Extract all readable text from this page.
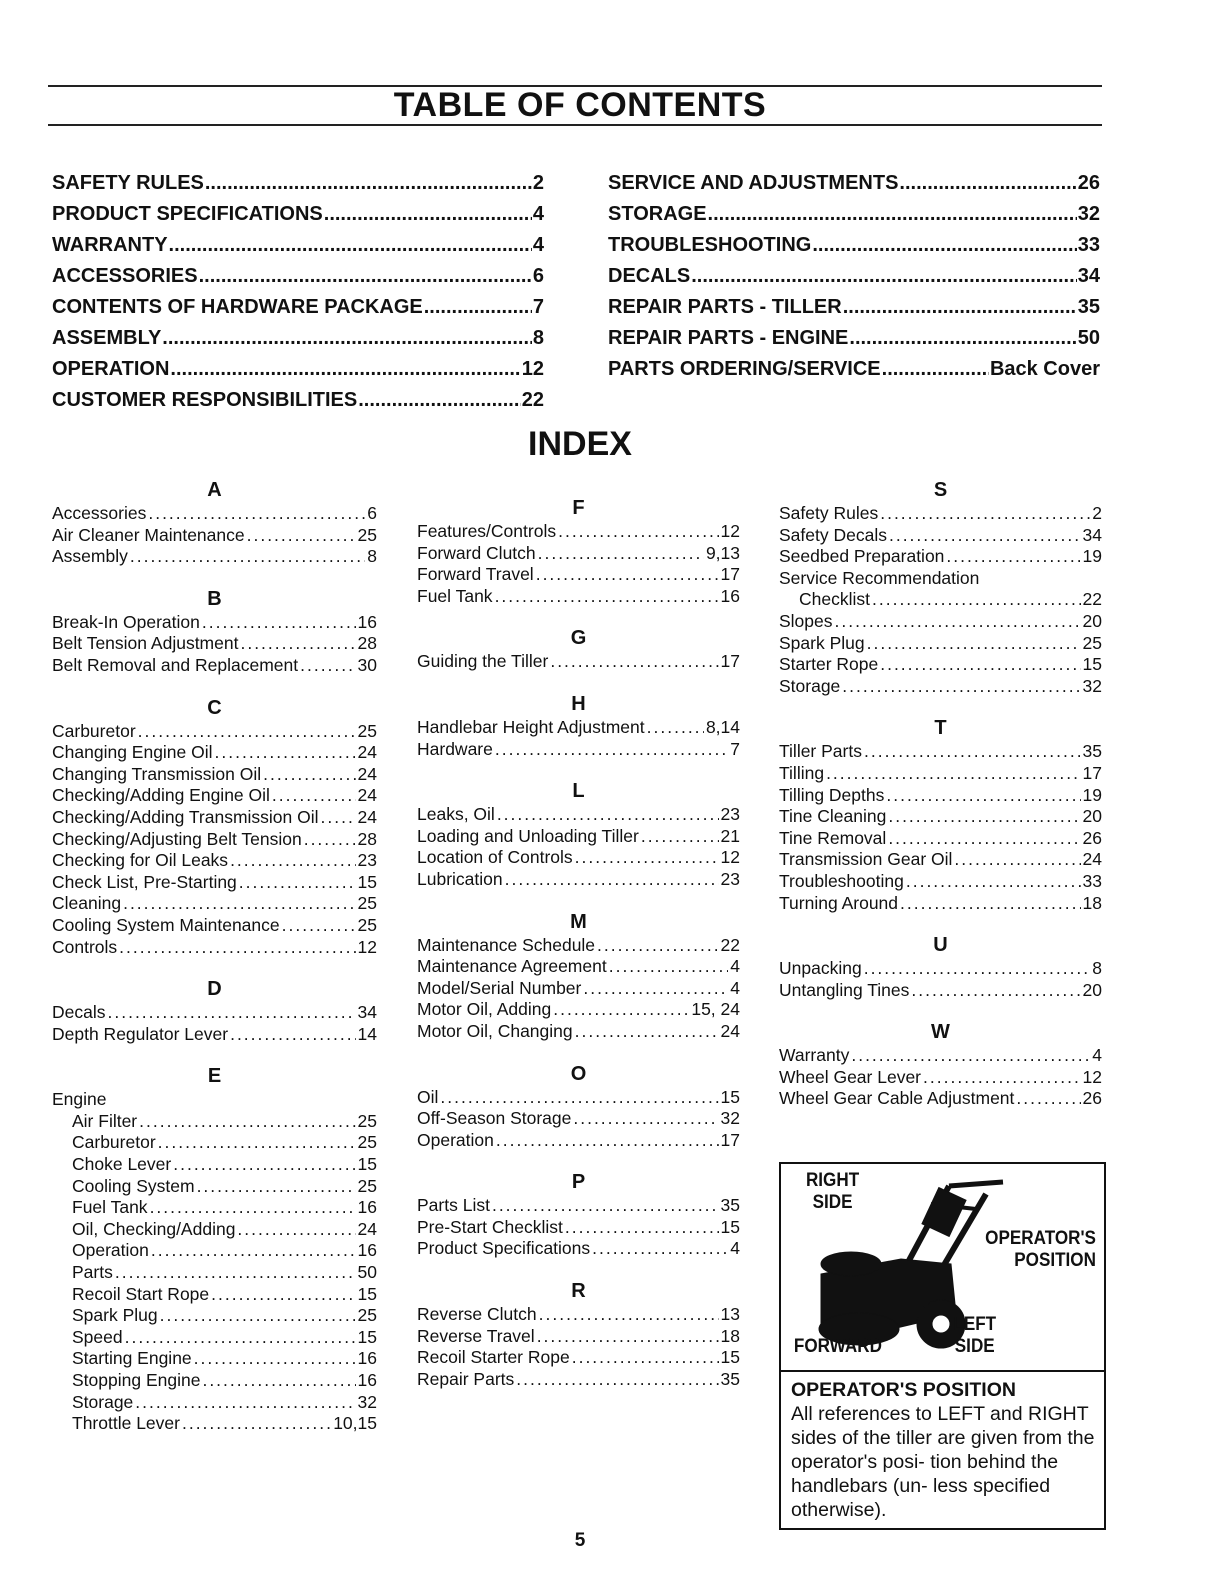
TABLE OF CONTENTS
SAFETY RULES .....	2
PRODUCT SPECIFICATIONS .....	4
WARRANTY .....	4
ACCESSORIES .....	6
CONTENTS OF HARDWARE PACKAGE .....	7
ASSEMBLY .....	8
OPERATION .....	12
CUSTOMER RESPONSIBILITIES .....	22
SERVICE AND ADJUSTMENTS .....	26
STORAGE .....	32
TROUBLESHOOTING .....	33
DECALS .....	34
REPAIR PARTS - TILLER .....	35
REPAIR PARTS - ENGINE .....	50
PARTS ORDERING/SERVICE .....	Back Cover
INDEX
A
Accessories .....	6
Air Cleaner Maintenance .....	25
Assembly .....	8
B
Break-In Operation .....	16
Belt Tension Adjustment .....	28
Belt Removal and Replacement .....	30
C
Carburetor .....	25
Changing Engine Oil .....	24
Changing Transmission Oil .....	24
Checking/Adding Engine Oil .....	24
Checking/Adding Transmission Oil ..... 24
Checking/Adjusting Belt Tension .....	28
Checking for Oil Leaks .....	23
Check List, Pre-Starting .....	15
Cleaning .....	25
Cooling System Maintenance .....	25
Controls .....	12
D
Decals .....	34
Depth Regulator Lever .....	14
E
Engine
Air Filter .....	25
Carburetor .....	25
Choke Lever .....	15
Cooling System .....	25
Fuel Tank .....	16
Oil, Checking/Adding .....	24
Operation .....	16
Parts .....	50
Recoil Start Rope .....	15
Spark Plug .....	25
Speed .....	15
Starting Engine .....	16
Stopping Engine .....	16
Storage .....	32
Throttle Lever .....	10,15
F
Features/Controls .....	12
Forward Clutch .....	9,13
Forward Travel .....	17
Fuel Tank .....	16
G
Guiding the Tiller .....	17
H
Handlebar Height Adjustment .....	8,14
Hardware .....	7
L
Leaks, Oil .....	23
Loading and Unloading Tiller .....	21
Location of Controls .....	12
Lubrication .....	23
M
Maintenance Schedule .....	22
Maintenance Agreement .....	4
Model/Serial Number .....	4
Motor Oil, Adding .....	15, 24
Motor Oil, Changing .....	24
O
Oil .....	15
Off-Season Storage .....	32
Operation .....	17
P
Parts List .....	35
Pre-Start Checklist .....	15
Product Specifications .....	4
R
Reverse Clutch .....	13
Reverse Travel .....	18
Recoil Starter Rope .....	15
Repair Parts .....	35
S
Safety Rules .....	2
Safety Decals .....	34
Seedbed Preparation .....	19
Service Recommendation
Checklist .....	22
Slopes .....	20
Spark Plug .....	25
Starter Rope .....	15
Storage .....	32
T
Tiller Parts .....	35
Tilling .....	17
Tilling Depths .....	19
Tine Cleaning .....	20
Tine Removal .....	26
Transmission Gear Oil .....	24
Troubleshooting .....	33
Turning Around .....	18
U
Unpacking .....	8
Untangling Tines .....	20
W
Warranty .....	4
Wheel Gear Lever .....	12
Wheel Gear Cable Adjustment .....	26
RIGHT
SIDE
OPERATOR'S
POSITION
LEFT
SIDE
FORWARD
OPERATOR'S POSITION
All references to LEFT and RIGHT sides of the tiller are given from the operator's posi- tion behind the handlebars (un- less specified otherwise).
5
